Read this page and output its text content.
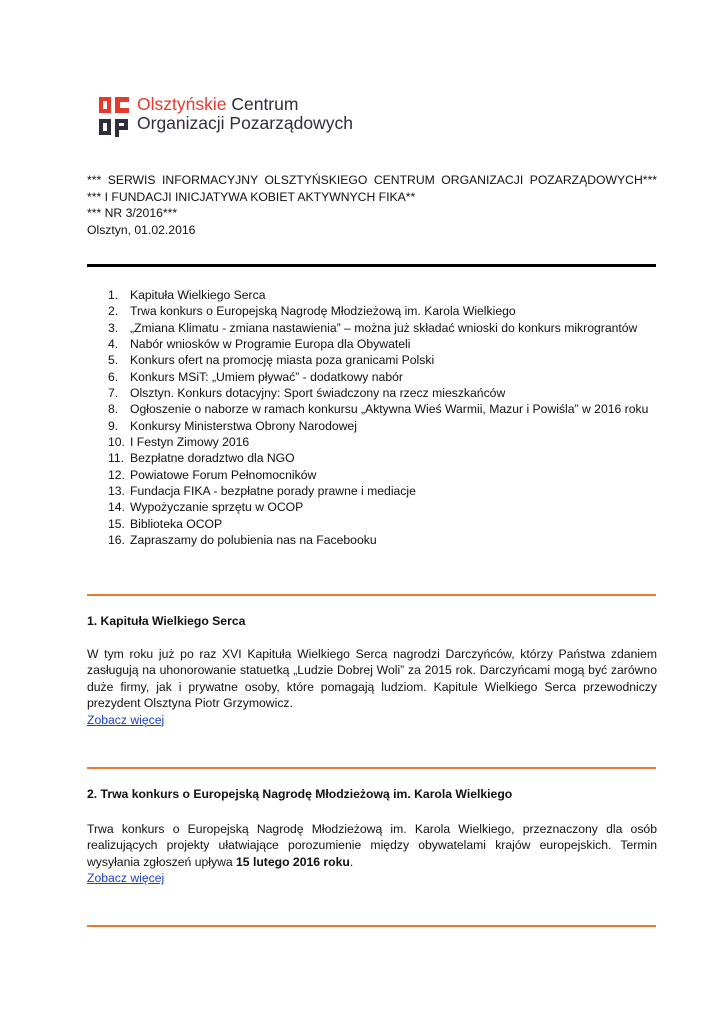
Olsztyńskie Centrum
Organizacji Pozarządowych
*** SERWIS INFORMACYJNY OLSZTYŃSKIEGO CENTRUM ORGANIZACJI POZARZĄDOWYCH***
*** I FUNDACJI INICJATYWA KOBIET AKTYWNYCH FIKA**
*** NR 3/2016***
Olsztyn, 01.02.2016
1. Kapituła Wielkiego Serca
2. Trwa konkurs o Europejską Nagrodę Młodzieżową im. Karola Wielkiego
3. „Zmiana Klimatu - zmiana nastawienia” – można już składać wnioski do konkurs mikrograntów
4. Nabór wniosków w Programie Europa dla Obywateli
5. Konkurs ofert na promocję miasta poza granicami Polski
6. Konkurs MSiT: „Umiem pływać” - dodatkowy nabór
7. Olsztyn. Konkurs dotacyjny: Sport świadczony na rzecz mieszkańców
8. Ogłoszenie o naborze w ramach konkursu „Aktywna Wieś Warmii, Mazur i Powiśla” w 2016 roku
9. Konkursy Ministerstwa Obrony Narodowej
10. I Festyn Zimowy 2016
11. Bezpłatne doradztwo dla NGO
12. Powiatowe Forum Pełnomocników
13. Fundacja FIKA - bezpłatne porady prawne i mediacje
14. Wypożyczanie sprzętu w OCOP
15. Biblioteka OCOP
16. Zapraszamy do polubienia nas na Facebooku
1. Kapituła Wielkiego Serca

W tym roku już po raz XVI Kapituła Wielkiego Serca nagrodzi Darczyńców, którzy Państwa zdaniem zasługują na uhonorowanie statuetką „Ludzie Dobrej Woli” za 2015 rok. Darczyńcami mogą być zarówno duże firmy, jak i prywatne osoby, które pomagają ludziom. Kapitule Wielkiego Serca przewodniczy prezydent Olsztyna Piotr Grzymowicz.

Zobacz więcej
2. Trwa konkurs o Europejską Nagrodę Młodzieżową im. Karola Wielkiego

Trwa konkurs o Europejską Nagrodę Młodzieżową im. Karola Wielkiego, przeznaczony dla osób realizujących projekty ułatwiające porozumienie między obywatelami krajów europejskich. Termin wysyłania zgłoszeń upływa 15 lutego 2016 roku.

Zobacz więcej
